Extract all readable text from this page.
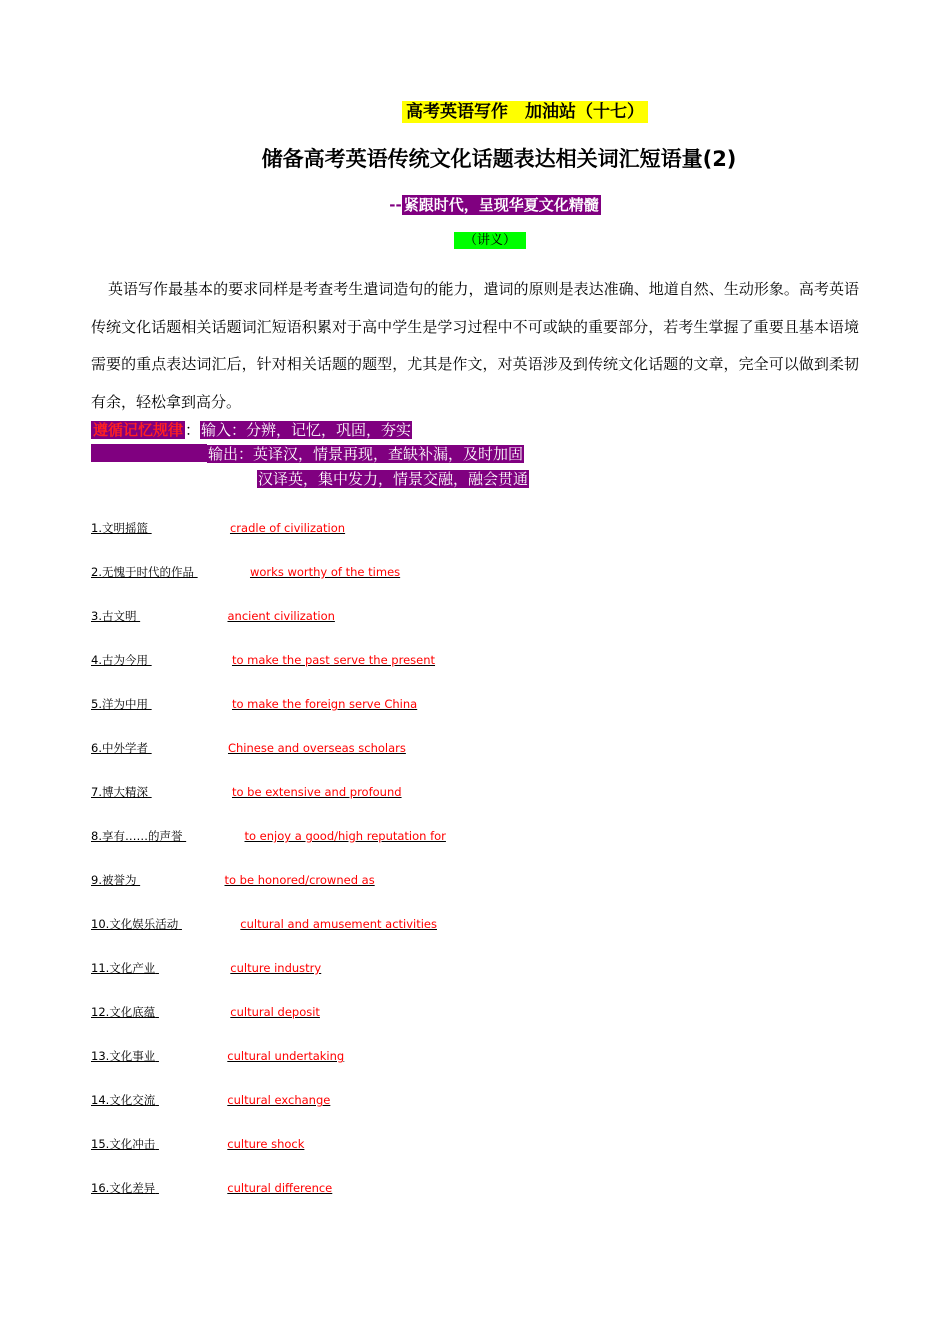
高考英语写作　加油站（十七）
储备高考英语传统文化话题表达相关词汇短语量(2)
-- 紧跟时代，呈现华夏文化精髓
（讲义）

英语写作最基本的要求同样是考查考生遣词造句的能力，遣词的原则是表达准确、地道自然、生动形象。高考英语传统文化话题相关话题词汇短语积累对于高中学生是学习过程中不可或缺的重要部分，若考生掌握了重要且基本语境需要的重点表达词汇后，针对相关话题的题型，尤其是作文，对英语涉及到传统文化话题的文章，完全可以做到柔韧有余，轻松拿到高分。

遵循记忆规律 ：输入：分辨，记忆，巩固，夯实
输出：英译汉，情景再现，查缺补漏，及时加固
汉译英，集中发力，情景交融，融会贯通
1.文明摇篮	cradle of civilization
2.无愧于时代的作品	works worthy of the times
3.古文明	ancient civilization
4.古为今用	to make the past serve the present
5.洋为中用	to make the foreign serve China
6.中外学者	Chinese and overseas scholars
7.博大精深	to be extensive and profound
8.享有……的声誉	to enjoy a good/high reputation for
9.被誉为	to be honored/crowned as
10.文化娱乐活动	cultural and amusement activities
11.文化产业	culture industry
12.文化底蕴	cultural deposit
13.文化事业	cultural undertaking
14.文化交流	cultural exchange
15.文化冲击	culture shock
16.文化差异	cultural difference
